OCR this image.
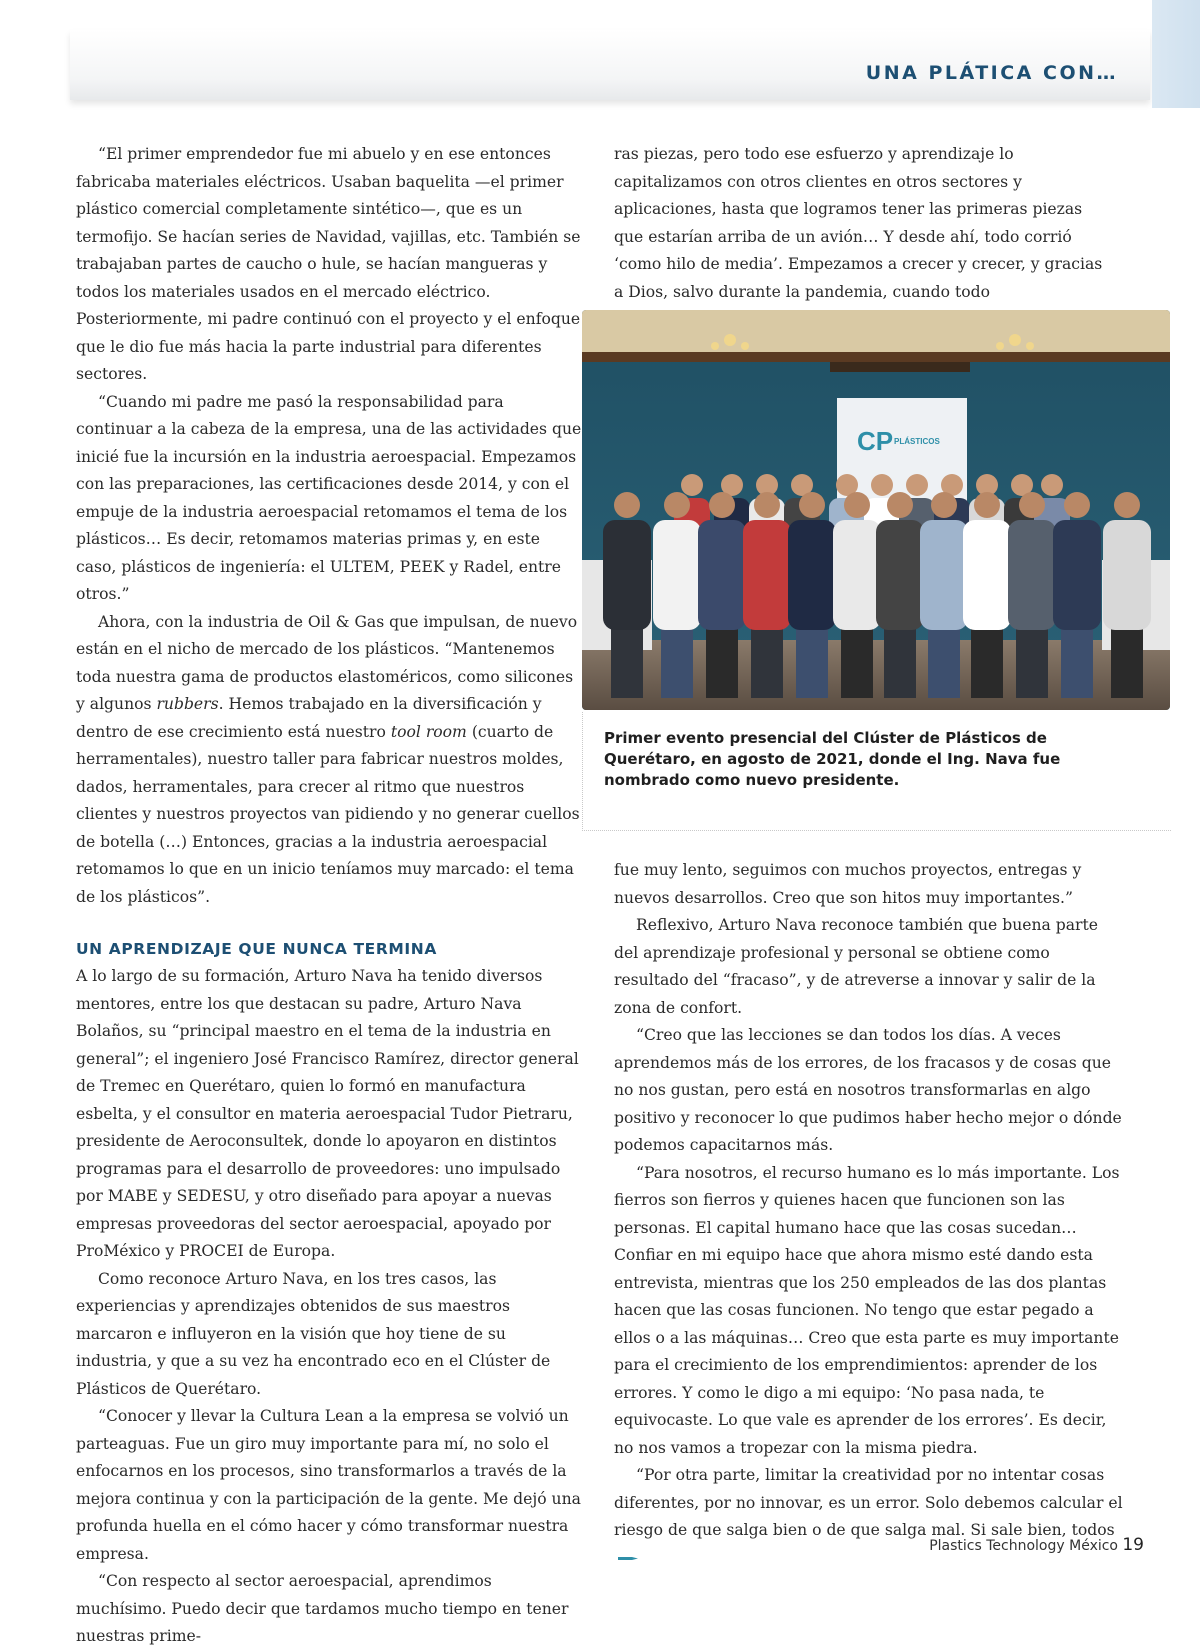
UNA PLÁTICA CON…

“El primer emprendedor fue mi abuelo y en ese entonces fabricaba materiales eléctricos. Usaban baquelita —el primer plástico comercial completamente sintético—, que es un termofijo. Se hacían series de Navidad, vajillas, etc. También se trabajaban partes de caucho o hule, se hacían mangueras y todos los materiales usados en el mercado eléctrico. Posteriormente, mi padre continuó con el proyecto y el enfoque que le dio fue más hacia la parte industrial para diferentes sectores.

“Cuando mi padre me pasó la responsabilidad para continuar a la cabeza de la empresa, una de las actividades que inicié fue la incursión en la industria aeroespacial. Empezamos con las preparaciones, las certificaciones desde 2014, y con el empuje de la industria aeroespacial retomamos el tema de los plásticos… Es decir, retomamos materias primas y, en este caso, plásticos de ingeniería: el ULTEM, PEEK y Radel, entre otros.”

Ahora, con la industria de Oil & Gas que impulsan, de nuevo están en el nicho de mercado de los plásticos. “Mantenemos toda nuestra gama de productos elastoméricos, como silicones y algunos rubbers. Hemos trabajado en la diversificación y dentro de ese crecimiento está nuestro tool room (cuarto de herramentales), nuestro taller para fabricar nuestros moldes, dados, herramentales, para crecer al ritmo que nuestros clientes y nuestros proyectos van pidiendo y no generar cuellos de botella (…) Entonces, gracias a la industria aeroespacial retomamos lo que en un inicio teníamos muy marcado: el tema de los plásticos”.

UN APRENDIZAJE QUE NUNCA TERMINA

A lo largo de su formación, Arturo Nava ha tenido diversos mentores, entre los que destacan su padre, Arturo Nava Bolaños, su “principal maestro en el tema de la industria en general”; el ingeniero José Francisco Ramírez, director general de Tremec en Querétaro, quien lo formó en manufactura esbelta, y el consultor en materia aeroespacial Tudor Pietraru, presidente de Aeroconsultek, donde lo apoyaron en distintos programas para el desarrollo de proveedores: uno impulsado por MABE y SEDESU, y otro diseñado para apoyar a nuevas empresas proveedoras del sector aeroespacial, apoyado por ProMéxico y PROCEI de Europa.

Como reconoce Arturo Nava, en los tres casos, las experiencias y aprendizajes obtenidos de sus maestros marcaron e influyeron en la visión que hoy tiene de su industria, y que a su vez ha encontrado eco en el Clúster de Plásticos de Querétaro.

“Conocer y llevar la Cultura Lean a la empresa se volvió un parteaguas. Fue un giro muy importante para mí, no solo el enfocarnos en los procesos, sino transformarlos a través de la mejora continua y con la participación de la gente. Me dejó una profunda huella en el cómo hacer y cómo transformar nuestra empresa.

“Con respecto al sector aeroespacial, aprendimos muchísimo. Puedo decir que tardamos mucho tiempo en tener nuestras prime-

ras piezas, pero todo ese esfuerzo y aprendizaje lo capitalizamos con otros clientes en otros sectores y aplicaciones, hasta que logramos tener las primeras piezas que estarían arriba de un avión… Y desde ahí, todo corrió ‘como hilo de media’. Empezamos a crecer y crecer, y gracias a Dios, salvo durante la pandemia, cuando todo

CP PLÁSTICOS
Primer evento presencial del Clúster de Plásticos de Querétaro, en agosto de 2021, donde el Ing. Nava fue nombrado como nuevo presidente.

fue muy lento, seguimos con muchos proyectos, entregas y nuevos desarrollos. Creo que son hitos muy importantes.”

Reflexivo, Arturo Nava reconoce también que buena parte del aprendizaje profesional y personal se obtiene como resultado del “fracaso”, y de atreverse a innovar y salir de la zona de confort.

“Creo que las lecciones se dan todos los días. A veces aprendemos más de los errores, de los fracasos y de cosas que no nos gustan, pero está en nosotros transformarlas en algo positivo y reconocer lo que pudimos haber hecho mejor o dónde podemos capacitarnos más.

“Para nosotros, el recurso humano es lo más importante. Los fierros son fierros y quienes hacen que funcionen son las personas. El capital humano hace que las cosas sucedan… Confiar en mi equipo hace que ahora mismo esté dando esta entrevista, mientras que los 250 empleados de las dos plantas hacen que las cosas funcionen. No tengo que estar pegado a ellos o a las máquinas… Creo que esta parte es muy importante para el crecimiento de los emprendimientos: aprender de los errores. Y como le digo a mi equipo: ‘No pasa nada, te equivocaste. Lo que vale es aprender de los errores’. Es decir, no nos vamos a tropezar con la misma piedra.

“Por otra parte, limitar la creatividad por no intentar cosas diferentes, por no innovar, es un error. Solo debemos calcular el riesgo de que salga bien o de que salga mal. Si sale bien, todos

Plastics Technology México 19
